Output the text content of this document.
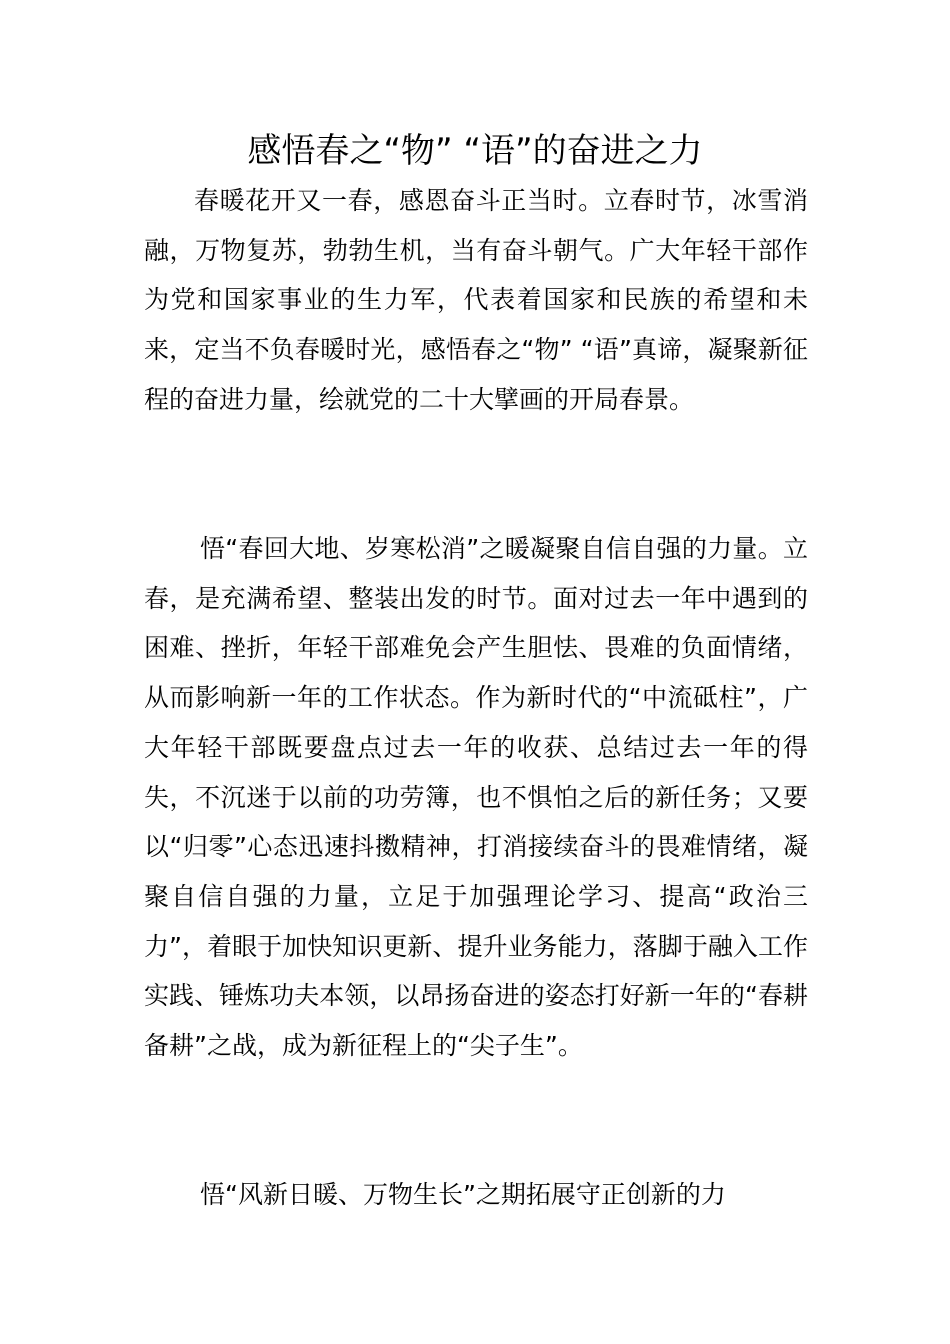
感悟春之“物” “语”的奋进之力

春暖花开又一春，感恩奋斗正当时。立春时节，冰雪消融，万物复苏，勃勃生机，当有奋斗朝气。广大年轻干部作为党和国家事业的生力军，代表着国家和民族的希望和未来，定当不负春暖时光，感悟春之“物” “语”真谛，凝聚新征程的奋进力量，绘就党的二十大擘画的开局春景。

悟“春回大地、岁寒松消”之暖凝聚自信自强的力量。立春，是充满希望、整装出发的时节。面对过去一年中遇到的困难、挫折，年轻干部难免会产生胆怯、畏难的负面情绪，从而影响新一年的工作状态。作为新时代的“中流砥柱”，广大年轻干部既要盘点过去一年的收获、总结过去一年的得失，不沉迷于以前的功劳簿，也不惧怕之后的新任务；又要以“归零”心态迅速抖擞精神，打消接续奋斗的畏难情绪，凝聚自信自强的力量，立足于加强理论学习、提高“政治三力”，着眼于加快知识更新、提升业务能力，落脚于融入工作实践、锤炼功夫本领，以昂扬奋进的姿态打好新一年的“春耕备耕”之战，成为新征程上的“尖子生”。

悟“风新日暖、万物生长”之期拓展守正创新的力
